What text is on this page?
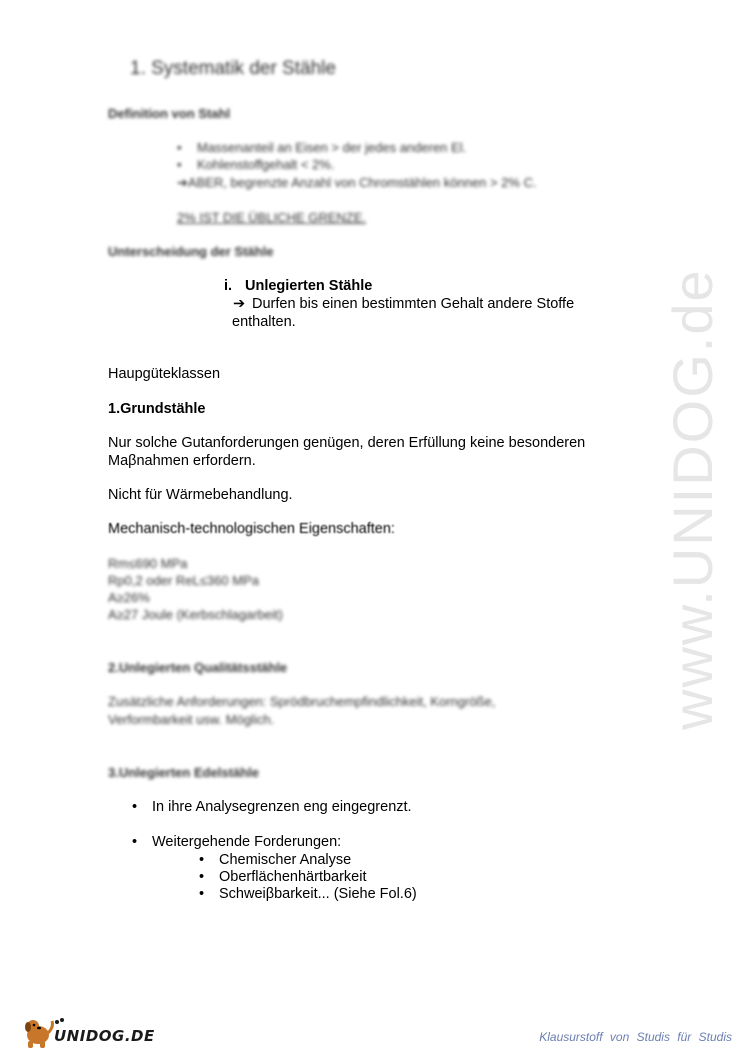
www.UNIDOG.de
1. Systematik der Stähle
Definition von Stahl
• Massenanteil an Eisen > der jedes anderen El.
• Kohlenstoffgehalt < 2%.
➔ABER, begrenzte Anzahl von Chromstählen können > 2% C.
2% IST DIE ÜBLICHE GRENZE.
Unterscheidung der Stähle
i. Unlegierten Stähle
➔ Durfen bis einen bestimmten Gehalt andere Stoffe
enthalten.
Haupgüteklassen
1.Grundstähle
Nur solche Gutanforderungen genügen, deren Erfüllung keine besonderen
Maβnahmen erfordern.
Nicht für Wärmebehandlung.
Mechanisch-technologischen Eigenschaften:
Rm≤690 MPa
Rp0,2 oder ReL≤360 MPa
A≥26%
A≥27 Joule (Kerbschlagarbeit)
2.Unlegierten Qualitätsstähle
Zusätzliche Anforderungen: Sprödbruchempfindlichkeit, Korngröße,
Verformbarkeit usw. Möglich.
3.Unlegierten Edelstähle
• In ihre Analysegrenzen eng eingegrenzt.
• Weitergehende Forderungen:
• Chemischer Analyse
• Oberflächenhärtbarkeit
• Schweiβbarkeit... (Siehe Fol.6)
UNIDOG.DE	Klausurstoff von Studis für Studis
